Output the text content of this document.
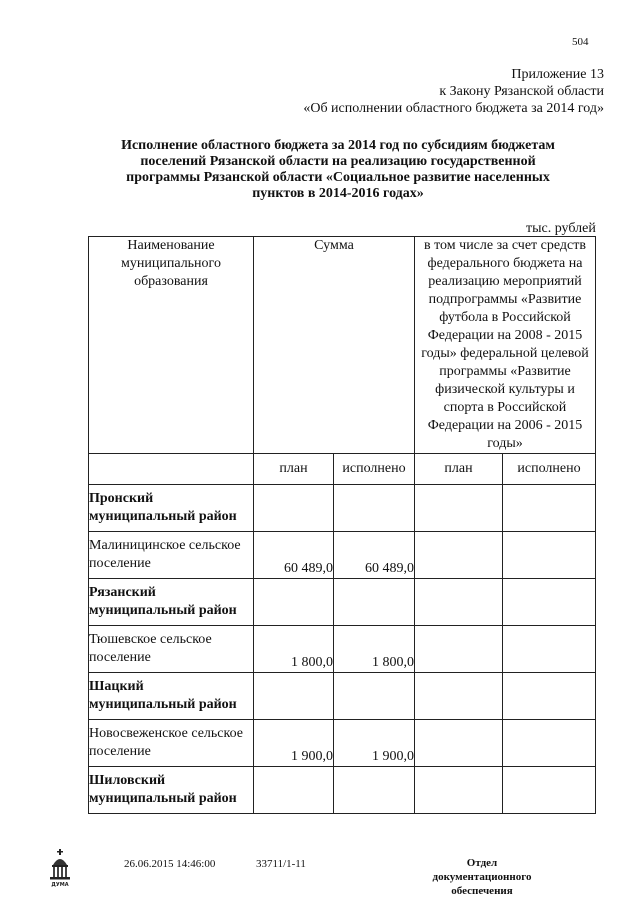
504
Приложение 13
к Закону Рязанской области
«Об исполнении областного бюджета за 2014 год»
Исполнение областного бюджета за 2014 год по субсидиям бюджетам
поселений Рязанской области на реализацию государственной
программы Рязанской области «Социальное развитие населенных
пунктов в 2014-2016 годах»
тыс. рублей
Наименование муниципального образования	Сумма		в том числе за счет средств федерального бюджета на реализацию мероприятий подпрограммы «Развитие футбола в Российской Федерации на 2008 - 2015 годы» федеральной целевой программы «Развитие физической культуры и спорта в Российской Федерации на 2006 - 2015 годы»	
	план	исполнено	план	исполнено
Пронский муниципальный район				
Малиницинское сельское поселение	60 489,0	60 489,0		
Рязанский муниципальный район				
Тюшевское сельское поселение	1 800,0	1 800,0		
Шацкий муниципальный район				
Новосвеженское сельское поселение	1 900,0	1 900,0		
Шиловский муниципальный район				
ДУМА
26.06.2015 14:46:00	33711/1-11	Отдел документационного
обеспечения
